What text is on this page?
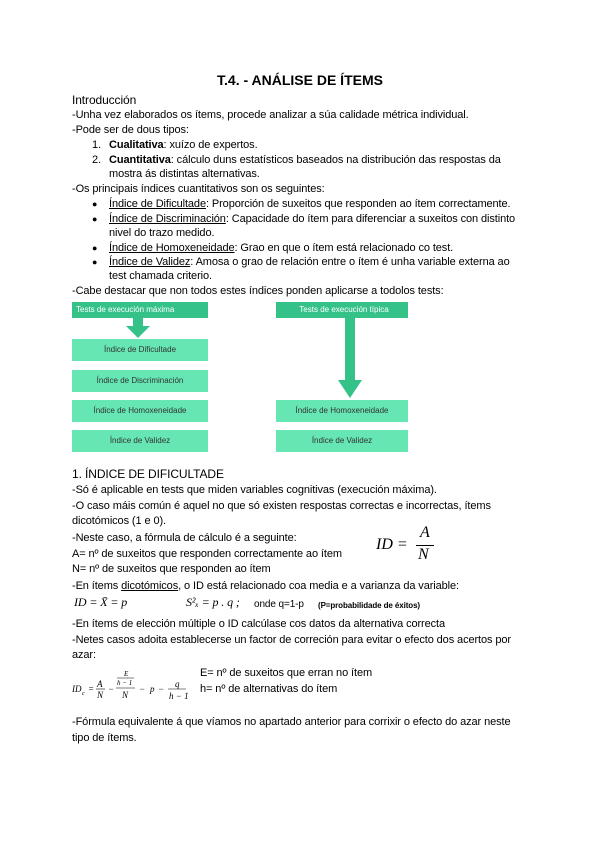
T.4. - ANÁLISE DE ÍTEMS
Introducción
-Unha vez elaborados os ítems, procede analizar a súa calidade métrica individual.
-Pode ser de dous tipos:
1. Cualitativa: xuízo de expertos.
2. Cuantitativa: cálculo duns estatísticos baseados na distribución das respostas da
mostra ás distintas alternativas.
-Os principais índices cuantitativos son os seguintes:
● Índice de Dificultade: Proporción de suxeitos que responden ao ítem correctamente.
● Índice de Discriminación: Capacidade do ítem para diferenciar a suxeitos con distinto
nivel do trazo medido.
● Índice de Homoxeneidade: Grao en que o ítem está relacionado co test.
● Índice de Validez: Amosa o grao de relación entre o ítem é unha variable externa ao
test chamada criterio.
-Cabe destacar que non todos estes índices ponden aplicarse a todolos tests:
Tests de execución máxima
Índice de Dificultade
Índice de Discriminación
Índice de Homoxeneidade
Índice de Validez
Tests de execución típica
Índice de Homoxeneidade
Índice de Validez
1. ÍNDICE DE DIFICULTADE
-Só é aplicable en tests que miden variables cognitivas (execución máxima).
-O caso máis común é aquel no que só existen respostas correctas e incorrectas, ítems
dicotómicos (1 e 0).
-Neste caso, a fórmula de cálculo é a seguinte:
A= nº de suxeitos que responden correctamente ao ítem
N= nº de suxeitos que responden ao ítem
ID =
A
N
-En ítems dicotómicos, o ID está relacionado coa media e a varianza da variable:
ID = X̄ = p	S²ₓ = p . q ; onde q=1-p (P=probabilidade de éxitos)
-En ítems de elección múltiple o ID calcúlase cos datos da alternativa correcta
-Netes casos adoita establecerse un factor de correción para evitar o efecto dos acertos por
azar:
ID c = A
N
−
E
h − 1
N
− p − q
h − 1
E= nº de suxeitos que erran no ítem
h= nº de alternativas do ítem
-Fórmula equivalente á que víamos no apartado anterior para corrixir o efecto do azar neste
tipo de ítems.
